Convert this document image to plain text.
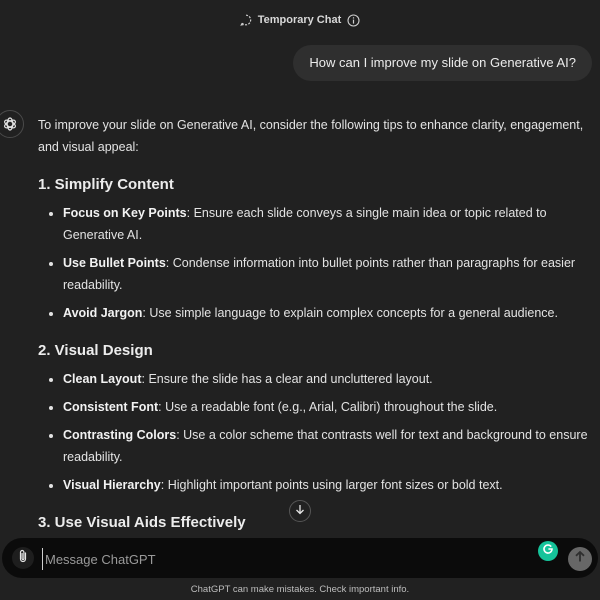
Temporary Chat
How can I improve my slide on Generative AI?

To improve your slide on Generative AI, consider the following tips to enhance clarity, engagement, and visual appeal:

1. Simplify Content
• Focus on Key Points: Ensure each slide conveys a single main idea or topic related to Generative AI.
• Use Bullet Points: Condense information into bullet points rather than paragraphs for easier readability.
• Avoid Jargon: Use simple language to explain complex concepts for a general audience.
2. Visual Design
• Clean Layout: Ensure the slide has a clear and uncluttered layout.
• Consistent Font: Use a readable font (e.g., Arial, Calibri) throughout the slide.
• Contrasting Colors: Use a color scheme that contrasts well for text and background to ensure readability.
• Visual Hierarchy: Highlight important points using larger font sizes or bold text.
3. Use Visual Aids Effectively
Message ChatGPT
ChatGPT can make mistakes. Check important info.
